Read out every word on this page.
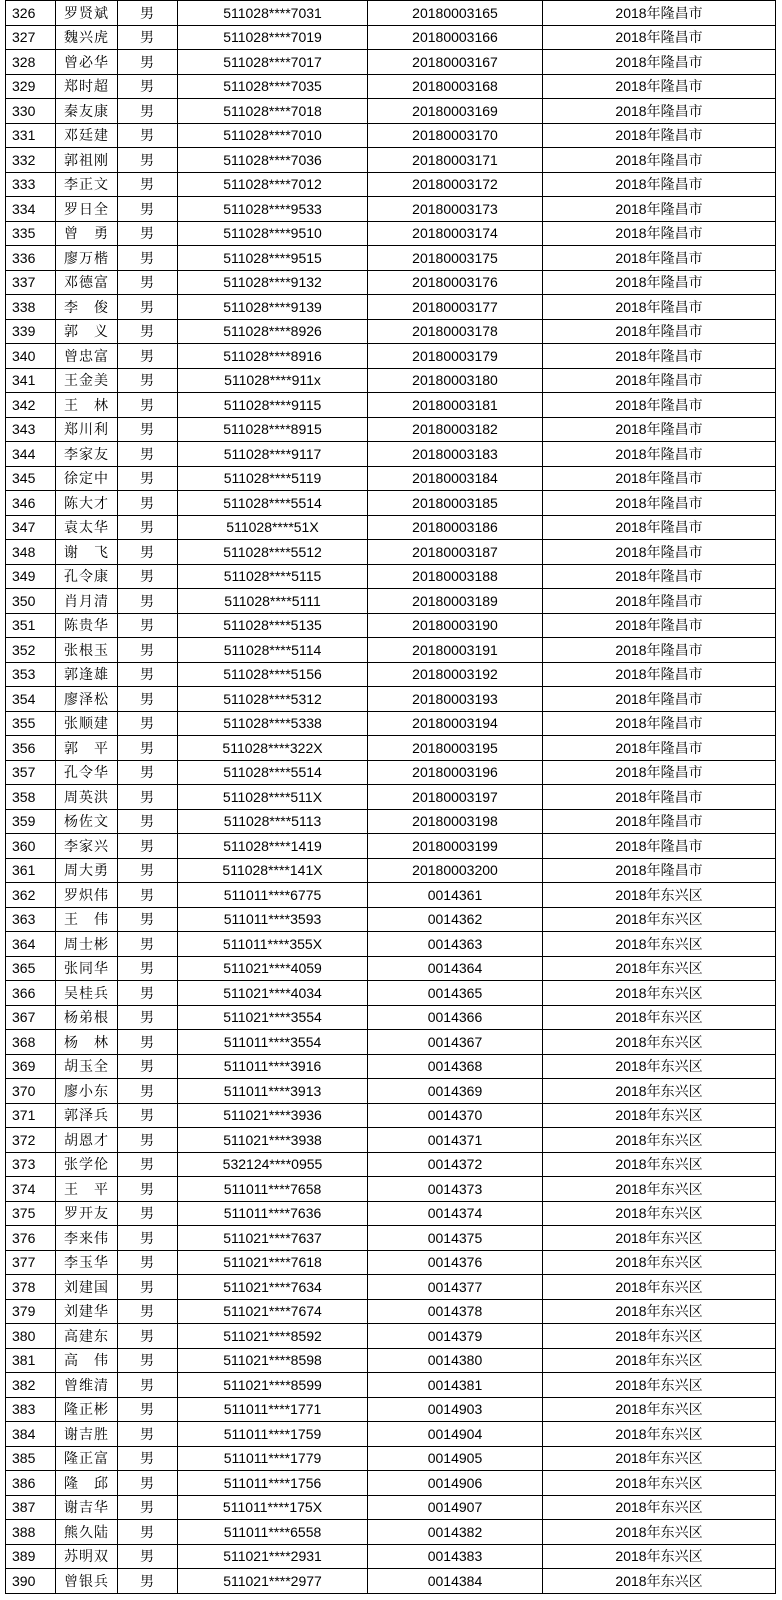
326	罗贤斌	男	511028****7031	20180003165	2018年隆昌市
327	魏兴虎	男	511028****7019	20180003166	2018年隆昌市
328	曾必华	男	511028****7017	20180003167	2018年隆昌市
329	郑时超	男	511028****7035	20180003168	2018年隆昌市
330	秦友康	男	511028****7018	20180003169	2018年隆昌市
331	邓廷建	男	511028****7010	20180003170	2018年隆昌市
332	郭祖刚	男	511028****7036	20180003171	2018年隆昌市
333	李正文	男	511028****7012	20180003172	2018年隆昌市
334	罗日全	男	511028****9533	20180003173	2018年隆昌市
335	曾　勇	男	511028****9510	20180003174	2018年隆昌市
336	廖万楷	男	511028****9515	20180003175	2018年隆昌市
337	邓德富	男	511028****9132	20180003176	2018年隆昌市
338	李　俊	男	511028****9139	20180003177	2018年隆昌市
339	郭　义	男	511028****8926	20180003178	2018年隆昌市
340	曾忠富	男	511028****8916	20180003179	2018年隆昌市
341	王金美	男	511028****911x	20180003180	2018年隆昌市
342	王　林	男	511028****9115	20180003181	2018年隆昌市
343	郑川利	男	511028****8915	20180003182	2018年隆昌市
344	李家友	男	511028****9117	20180003183	2018年隆昌市
345	徐定中	男	511028****5119	20180003184	2018年隆昌市
346	陈大才	男	511028****5514	20180003185	2018年隆昌市
347	袁太华	男	511028****51X	20180003186	2018年隆昌市
348	谢　飞	男	511028****5512	20180003187	2018年隆昌市
349	孔令康	男	511028****5115	20180003188	2018年隆昌市
350	肖月清	男	511028****5111	20180003189	2018年隆昌市
351	陈贵华	男	511028****5135	20180003190	2018年隆昌市
352	张根玉	男	511028****5114	20180003191	2018年隆昌市
353	郭逢雄	男	511028****5156	20180003192	2018年隆昌市
354	廖泽松	男	511028****5312	20180003193	2018年隆昌市
355	张顺建	男	511028****5338	20180003194	2018年隆昌市
356	郭　平	男	511028****322X	20180003195	2018年隆昌市
357	孔令华	男	511028****5514	20180003196	2018年隆昌市
358	周英洪	男	511028****511X	20180003197	2018年隆昌市
359	杨佐文	男	511028****5113	20180003198	2018年隆昌市
360	李家兴	男	511028****1419	20180003199	2018年隆昌市
361	周大勇	男	511028****141X	20180003200	2018年隆昌市
362	罗炽伟	男	511011****6775	0014361	2018年东兴区
363	王　伟	男	511011****3593	0014362	2018年东兴区
364	周士彬	男	511011****355X	0014363	2018年东兴区
365	张同华	男	511021****4059	0014364	2018年东兴区
366	吴桂兵	男	511021****4034	0014365	2018年东兴区
367	杨弟根	男	511021****3554	0014366	2018年东兴区
368	杨　林	男	511011****3554	0014367	2018年东兴区
369	胡玉全	男	511011****3916	0014368	2018年东兴区
370	廖小东	男	511011****3913	0014369	2018年东兴区
371	郭泽兵	男	511021****3936	0014370	2018年东兴区
372	胡恩才	男	511021****3938	0014371	2018年东兴区
373	张学伦	男	532124****0955	0014372	2018年东兴区
374	王　平	男	511011****7658	0014373	2018年东兴区
375	罗开友	男	511011****7636	0014374	2018年东兴区
376	李来伟	男	511021****7637	0014375	2018年东兴区
377	李玉华	男	511021****7618	0014376	2018年东兴区
378	刘建国	男	511021****7634	0014377	2018年东兴区
379	刘建华	男	511021****7674	0014378	2018年东兴区
380	高建东	男	511021****8592	0014379	2018年东兴区
381	高　伟	男	511021****8598	0014380	2018年东兴区
382	曾维清	男	511021****8599	0014381	2018年东兴区
383	隆正彬	男	511011****1771	0014903	2018年东兴区
384	谢吉胜	男	511011****1759	0014904	2018年东兴区
385	隆正富	男	511011****1779	0014905	2018年东兴区
386	隆　邱	男	511011****1756	0014906	2018年东兴区
387	谢吉华	男	511011****175X	0014907	2018年东兴区
388	熊久陆	男	511011****6558	0014382	2018年东兴区
389	苏明双	男	511021****2931	0014383	2018年东兴区
390	曾银兵	男	511021****2977	0014384	2018年东兴区
